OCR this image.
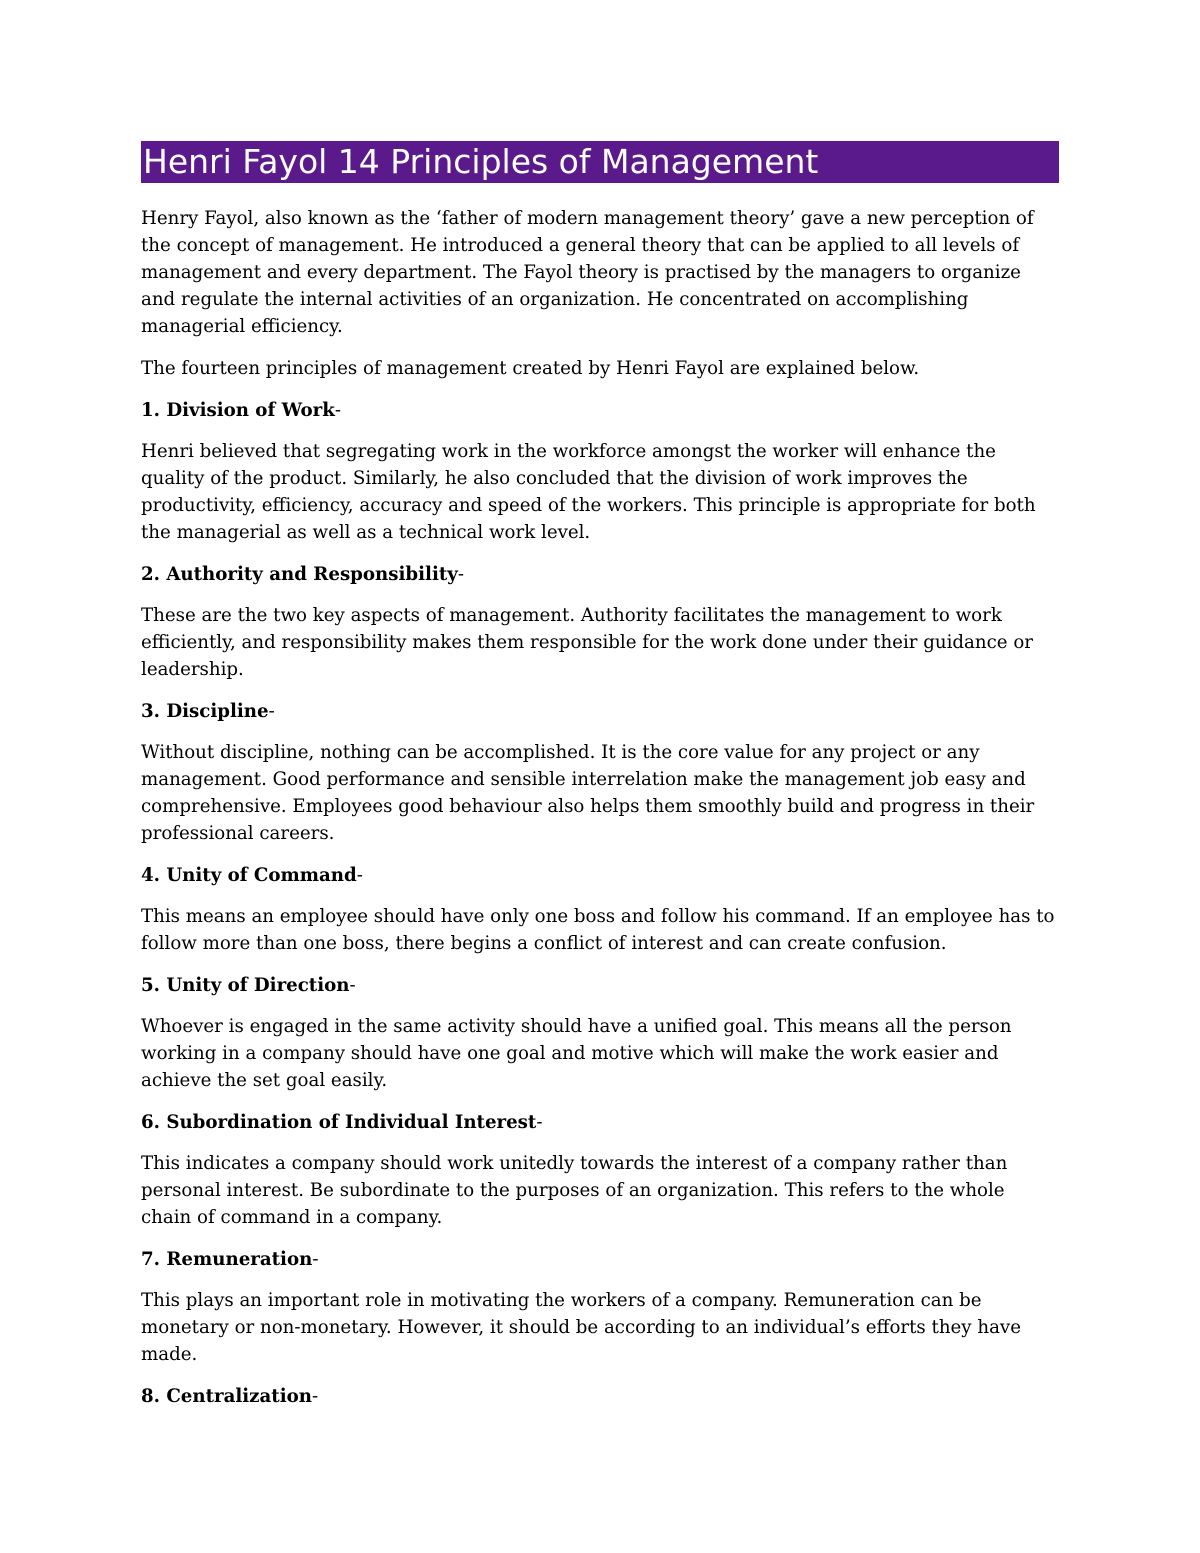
Henri Fayol 14 Principles of Management

Henry Fayol, also known as the ‘father of modern management theory’ gave a new perception of the concept of management. He introduced a general theory that can be applied to all levels of management and every department. The Fayol theory is practised by the managers to organize and regulate the internal activities of an organization. He concentrated on accomplishing managerial efficiency.

The fourteen principles of management created by Henri Fayol are explained below.

1. Division of Work-

Henri believed that segregating work in the workforce amongst the worker will enhance the quality of the product. Similarly, he also concluded that the division of work improves the productivity, efficiency, accuracy and speed of the workers. This principle is appropriate for both the managerial as well as a technical work level.

2. Authority and Responsibility-

These are the two key aspects of management. Authority facilitates the management to work efficiently, and responsibility makes them responsible for the work done under their guidance or leadership.

3. Discipline-

Without discipline, nothing can be accomplished. It is the core value for any project or any management. Good performance and sensible interrelation make the management job easy and comprehensive. Employees good behaviour also helps them smoothly build and progress in their professional careers.

4. Unity of Command-

This means an employee should have only one boss and follow his command. If an employee has to follow more than one boss, there begins a conflict of interest and can create confusion.

5. Unity of Direction-

Whoever is engaged in the same activity should have a unified goal. This means all the person working in a company should have one goal and motive which will make the work easier and achieve the set goal easily.

6. Subordination of Individual Interest-

This indicates a company should work unitedly towards the interest of a company rather than personal interest. Be subordinate to the purposes of an organization. This refers to the whole chain of command in a company.

7. Remuneration-

This plays an important role in motivating the workers of a company. Remuneration can be monetary or non-monetary. However, it should be according to an individual’s efforts they have made.

8. Centralization-
